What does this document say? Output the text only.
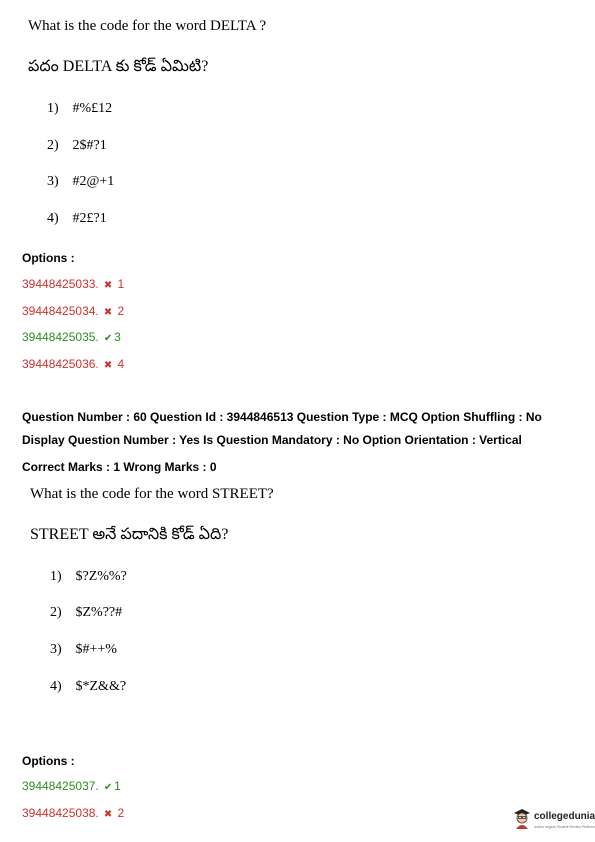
What is the code for the word DELTA ?
పదం DELTA కు కోడ్ ఏమిటి?
1) #%£12
2) 2$#?1
3) #2@+1
4) #2£?1
Options :
39448425033. ✖ 1
39448425034. ✖ 2
39448425035. ✔ 3
39448425036. ✖ 4
Question Number : 60 Question Id : 3944846513 Question Type : MCQ Option Shuffling : No
Display Question Number : Yes Is Question Mandatory : No Option Orientation : Vertical
Correct Marks : 1 Wrong Marks : 0
What is the code for the word STREET?
STREET అనే పదానికి కోడ్ ఏది?
1) $?Z%%?
2) $Z%??#
3) $#++%
4) $*Z&&?
Options :
39448425037. ✔ 1
39448425038. ✖ 2	collegedunia
India's largest Student Review Platform
